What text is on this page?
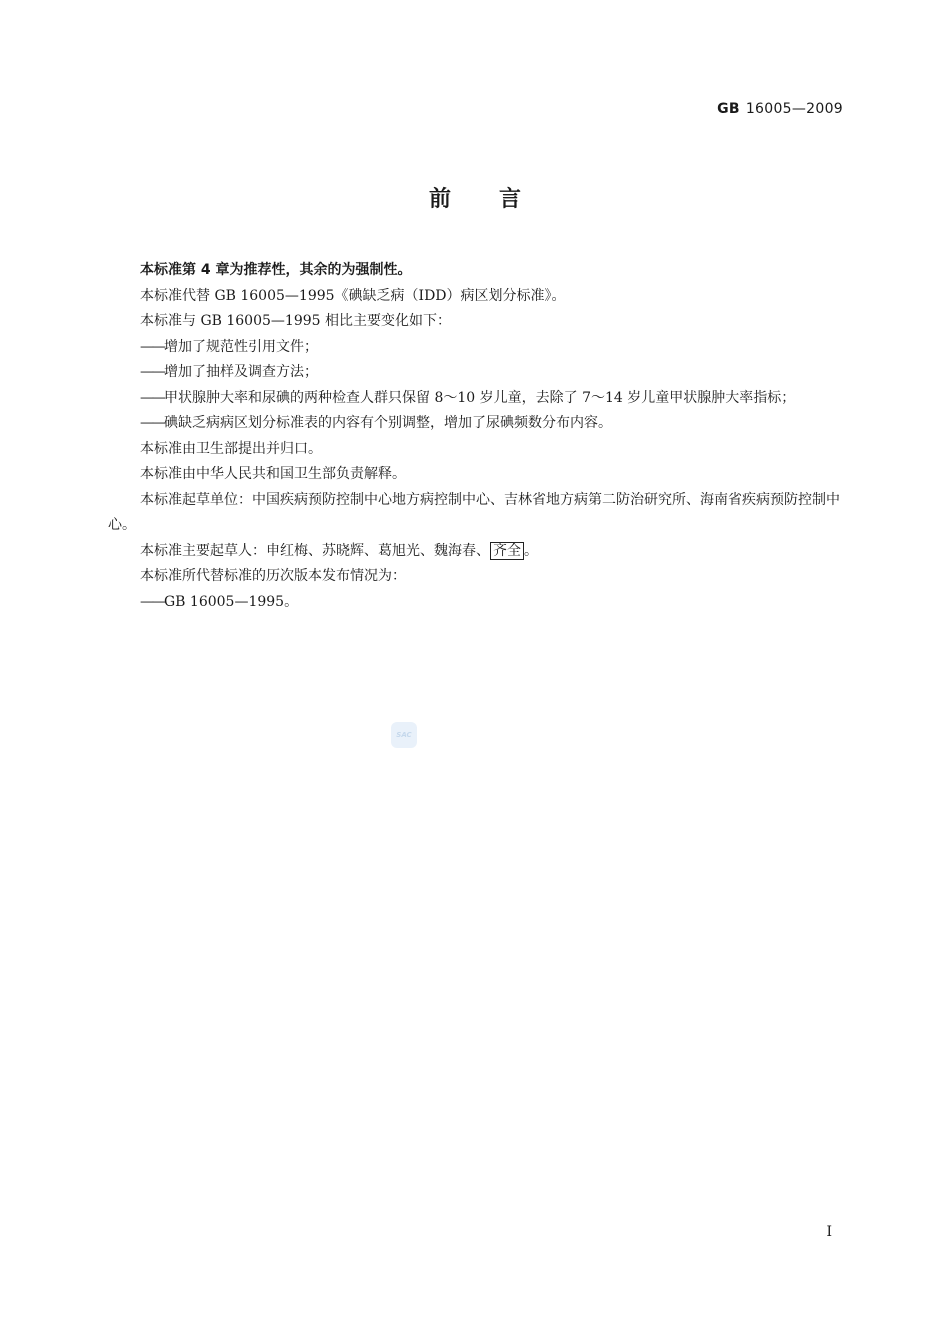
GB 16005—2009
前言

本标准第 4 章为推荐性，其余的为强制性。

本标准代替 GB 16005—1995《碘缺乏病（IDD）病区划分标准》。

本标准与 GB 16005—1995 相比主要变化如下：

——增加了规范性引用文件；

——增加了抽样及调查方法；

——甲状腺肿大率和尿碘的两种检查人群只保留 8～10 岁儿童，去除了 7～14 岁儿童甲状腺肿大率指标；

——碘缺乏病病区划分标准表的内容有个别调整，增加了尿碘频数分布内容。

本标准由卫生部提出并归口。

本标准由中华人民共和国卫生部负责解释。

本标准起草单位：中国疾病预防控制中心地方病控制中心、吉林省地方病第二防治研究所、海南省疾病预防控制中心。

本标准主要起草人：申红梅、苏晓辉、葛旭光、魏海春、 齐全 。

本标准所代替标准的历次版本发布情况为：

——GB 16005—1995。

SAC
I
